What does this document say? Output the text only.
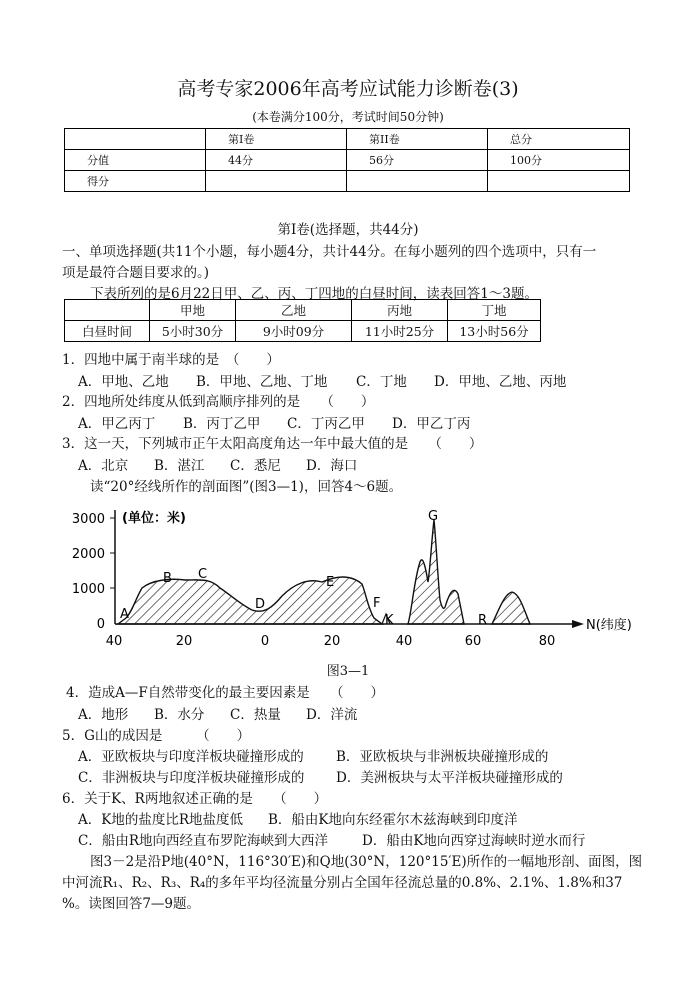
高考专家2006年高考应试能力诊断卷(3)
(本卷满分100分，考试时间50分钟)
	第I卷	第II卷	总分
分值	44分	56分	100分
得分			
第I卷(选择题，共44分)
一、单项选择题(共11个小题，每小题4分，共计44分。在每小题列的四个选项中，只有一
项是最符合题目要求的。)
下表所列的是6月22日甲、乙、丙、丁四地的白昼时间，读表回答1～3题。
	甲地	乙地	丙地	丁地
白昼时间	5小时30分	9小时09分	11小时25分	13小时56分
1．四地中属于南半球的是　（　　）
A．甲地、乙地 B．甲地、乙地、丁地 C．丁地 D．甲地、乙地、丙地
2．四地所处纬度从低到高顺序排列的是　　（　　）
A．甲乙丙丁 B．丙丁乙甲 C．丁丙乙甲 D．甲乙丁丙
3．这一天，下列城市正午太阳高度角达一年中最大值的是　　（　　）
A．北京 B．湛江 C．悉尼 D．海口
读“20°经线所作的剖面图”(图3—1)，回答4～6题。
3000
2000
1000
0
(单位：米)
A
B C
D
E
F
K
G
R
40	20	0	20	40	60	80
N(纬度)
图3—1
4．造成A—F自然带变化的最主要因素是　　（　　）
A．地形 B．水分 C．热量 D．洋流
5．G山的成因是　　　（　　）
A．亚欧板块与印度洋板块碰撞形成的 B．亚欧板块与非洲板块碰撞形成的
C．非洲板块与印度洋板块碰撞形成的 D．美洲板块与太平洋板块碰撞形成的
6．关于K、R两地叙述正确的是　　（　　）
A．K地的盐度比R地盐度低 B．船由K地向东经霍尔木兹海峡到印度洋
C．船由R地向西经直布罗陀海峡到大西洋	D．船由K地向西穿过海峡时逆水而行
图3－2是沿P地(40°N，116°30′E)和Q地(30°N，120°15′E)所作的一幅地形剖、面图，图
中河流R₁、R₂、R₃、R₄的多年平均径流量分别占全国年径流总量的0.8%、2.1%、1.8%和37
%。读图回答7—9题。
